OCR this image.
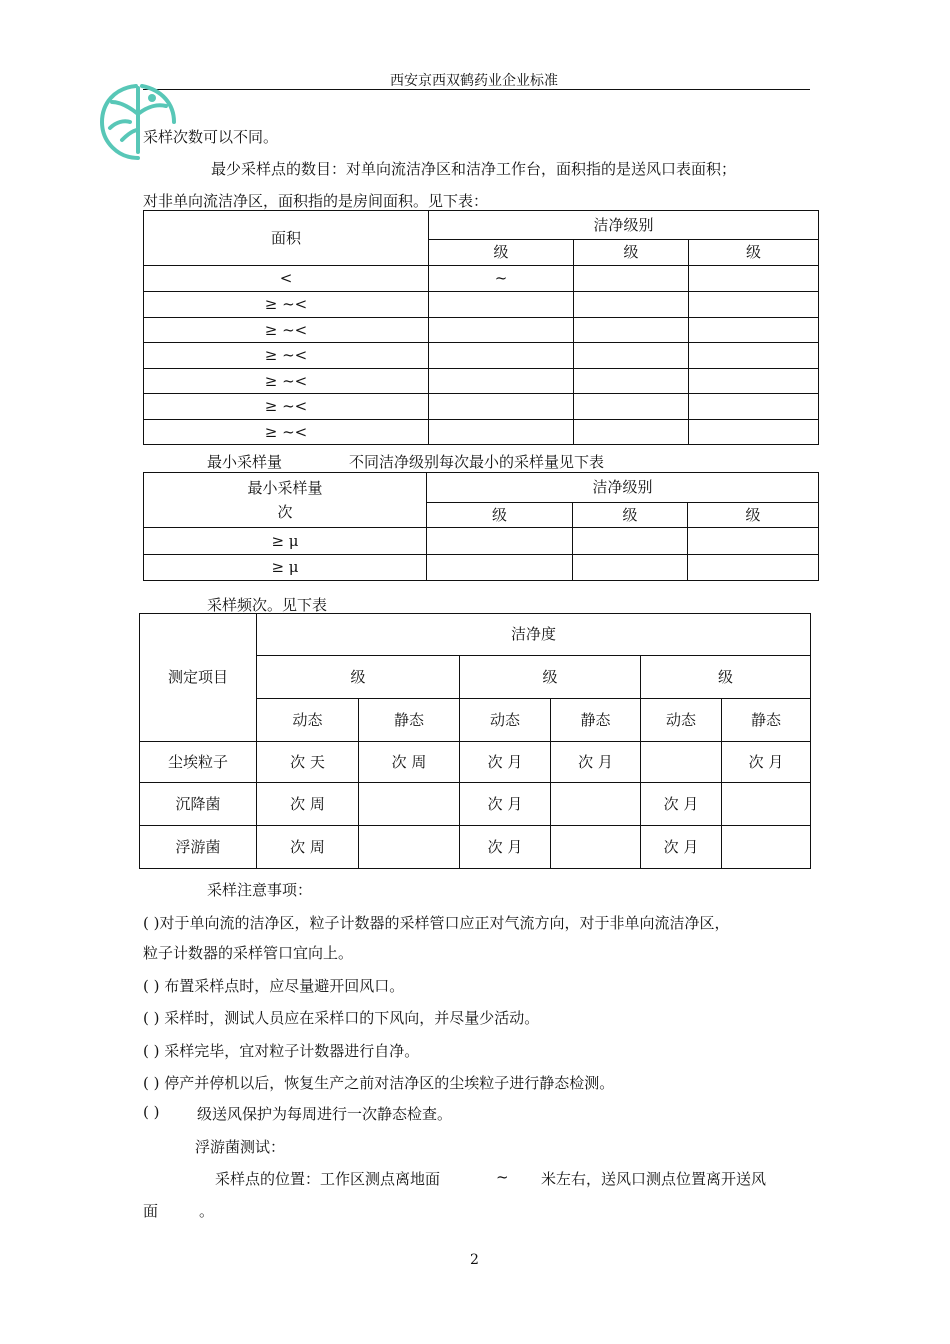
西安京西双鹤药业企业标准
采样次数可以不同。
最少采样点的数目：对单向流洁净区和洁净工作台，面积指的是送风口表面积；
对非单向流洁净区，面积指的是房间面积。见下表：
面积	洁净级别		
	级	级	级
<	~		
≥ ~<			
≥ ~<			
≥ ~<			
≥ ~<			
≥ ~<			
≥ ~<			
最小采样量	不同洁净级别每次最小的采样量见下表
最小采样量
次	洁净级别		
	级	级	级
≥ μ			
≥ μ			
采样频次。见下表
测定项目	洁净度					
	级		级		级	
	动态	静态	动态	静态	动态	静态
尘埃粒子	次 天	次 周	次 月	次 月		次 月
沉降菌	次 周		次 月		次 月	
浮游菌	次 周		次 月		次 月	
采样注意事项：
( )对于单向流的洁净区，粒子计数器的采样管口应正对气流方向，对于非单向流洁净区，
粒子计数器的采样管口宜向上。
( ) 布置采样点时，应尽量避开回风口。
( ) 采样时，测试人员应在采样口的下风向，并尽量少活动。
( ) 采样完毕，宜对粒子计数器进行自净。
( ) 停产并停机以后，恢复生产之前对洁净区的尘埃粒子进行静态检测。
( )	级送风保护为每周进行一次静态检查。
浮游菌测试：
采样点的位置：工作区测点离地面	~ 米左右，送风口测点位置离开送风
面	。
2
